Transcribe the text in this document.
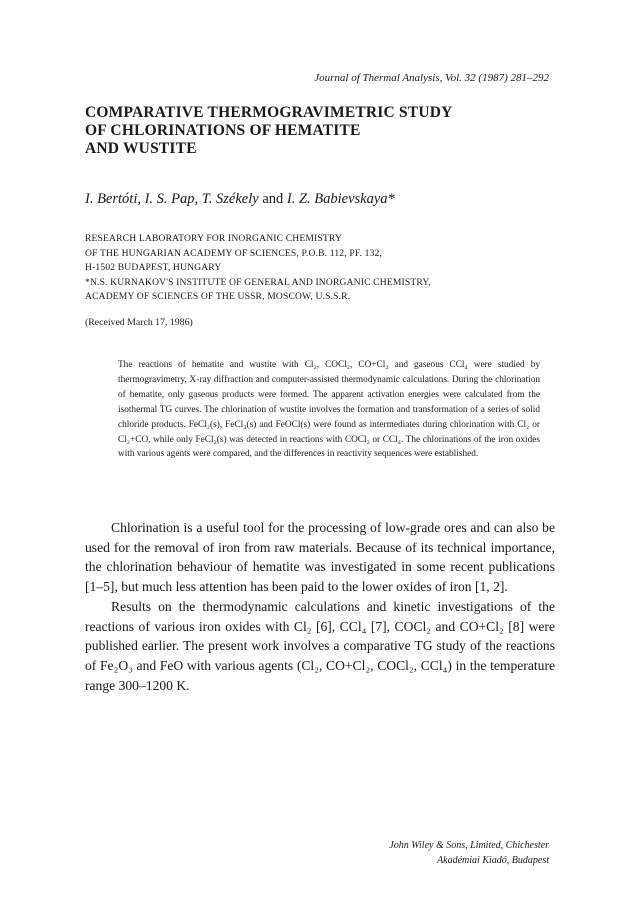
Journal of Thermal Analysis, Vol. 32 (1987) 281–292
COMPARATIVE THERMOGRAVIMETRIC STUDY
OF CHLORINATIONS OF HEMATITE
AND WUSTITE
I. Bertóti, I. S. Pap, T. Székely and I. Z. Babievskaya*
RESEARCH LABORATORY FOR INORGANIC CHEMISTRY
OF THE HUNGARIAN ACADEMY OF SCIENCES, P.O.B. 112, PF. 132,
H-1502 BUDAPEST, HUNGARY
*N.S. KURNAKOV'S INSTITUTE OF GENERAL AND INORGANIC CHEMISTRY,
ACADEMY OF SCIENCES OF THE USSR, MOSCOW, U.S.S.R.
(Received March 17, 1986)
The reactions of hematite and wustite with Cl₂, COCl₂, CO+Cl₂ and gaseous CCl₄ were studied by thermogravimetry, X-ray diffraction and computer-assisted thermodynamic calculations. During the chlorination of hematite, only gaseous products were formed. The apparent activation energies were calculated from the isothermal TG curves. The chlorination of wustite involves the formation and transformation of a series of solid chloride products. FeCl₂(s), FeCl₃(s) and FeOCl(s) were found as intermediates during chlorination with Cl₂ or Cl₂+CO, while only FeCl₂(s) was detected in reactions with COCl₂ or CCl₄. The chlorinations of the iron oxides with various agents were compared, and the differences in reactivity sequences were established.

Chlorination is a useful tool for the processing of low-grade ores and can also be used for the removal of iron from raw materials. Because of its technical importance, the chlorination behaviour of hematite was investigated in some recent publications [1–5], but much less attention has been paid to the lower oxides of iron [1, 2].

Results on the thermodynamic calculations and kinetic investigations of the reactions of various iron oxides with Cl₂ [6], CCl₄ [7], COCl₂ and CO+Cl₂ [8] were published earlier. The present work involves a comparative TG study of the reactions of Fe₂O₃ and FeO with various agents (Cl₂, CO+Cl₂, COCl₂, CCl₄) in the temperature range 300–1200 K.

John Wiley & Sons, Limited, Chichester
Akadémiai Kiadó, Budapest
